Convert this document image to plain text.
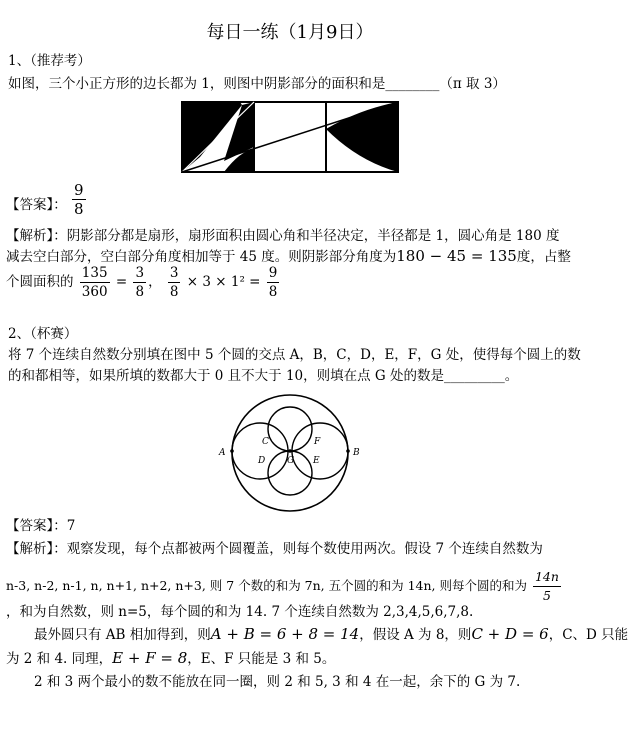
每日一练（1月9日）
1、（推荐考）
如图，三个小正方形的边长都为 1，则图中阴影部分的面积和是________（π 取 3）
【答案】： $\frac{9}{8}$
【解析】：阴影部分都是扇形，扇形面积由圆心角和半径决定，半径都是 1，圆心角是 180 度
减去空白部分，空白部分角度相加等于 45 度。则阴影部分角度为180 − 45 = 135度，占整
个圆面积的 $\frac{135}{360} = \frac{3}{8}$ ， $\frac{3}{8} \times 3 \times 1^2 = \frac{9}{8}$
2、（杯赛）
将 7 个连续自然数分别填在图中 5 个圆的交点 A，B，C，D，E，F，G 处，使得每个圆上的数
的和都相等，如果所填的数都大于 0 且不大于 10，则填在点 G 处的数是_________。
A	B
C
D
F
E
G
【答案】：7
【解析】：观察发现，每个点都被两个圆覆盖，则每个数使用两次。假设 7 个连续自然数为
n-3, n-2, n-1, n, n+1, n+2, n+3, 则 7 个数的和为 7n, 五个圆的和为 14n, 则每个圆的和为 $\frac{14n}{5}$
，和为自然数，则 n=5，每个圆的和为 14. 7 个连续自然数为 2,3,4,5,6,7,8.
最外圆只有 AB 相加得到，则A + B = 6 + 8 = 14，假设 A 为 8，则C + D = 6，C、D 只能
为 2 和 4. 同理，E + F = 8，E、F 只能是 3 和 5。
2 和 3 两个最小的数不能放在同一圈，则 2 和 5, 3 和 4 在一起，余下的 G 为 7.
